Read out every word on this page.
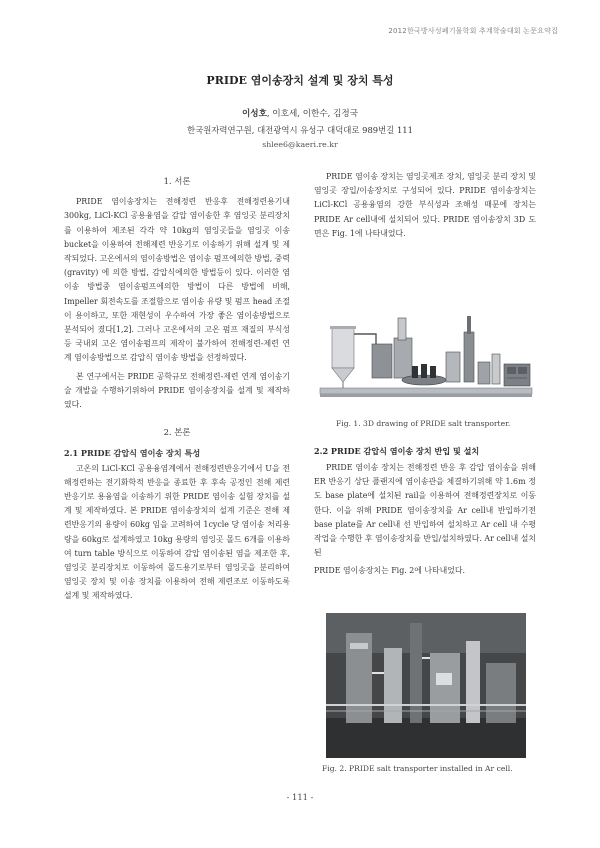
2012한국방사성폐기물학회 추계학술대회 논문요약집
PRIDE 염이송장치 설계 및 장치 특성
이성호, 이호세, 이한수, 김정국
한국원자력연구원, 대전광역시 유성구 대덕대로 989번길 111
shlee6@kaeri.re.kr
1. 서론

PRIDE 염이송장치는 전해정련 반응후 전해정련용기내 300kg, LiCl-KCl 공용융염을 감압 염이송한 후 염잉곳 분리장치를 이용하여 제조된 각각 약 10kg의 염잉곳들을 염잉곳 이송 bucket을 이용하여 전해제련 반응기로 이송하기 위해 설계 및 제작되었다. 고온에서의 염이송방법은 염이송 펌프에의한 방법, 중력(gravity) 에 의한 방법, 감압식에의한 방법등이 있다. 이러한 염이송 방법중 염이송펌프에의한 방법이 다른 방법에 비해, Impeller 회전속도를 조절함으로 염이송 유량 및 펌프 head 조절이 용이하고, 또한 재현성이 우수하여 가장 좋은 염이송방법으로 분석되어 졌다[1,2]. 그러나 고온에서의 고온 펌프 재질의 부식성등 국내외 고온 염이송펌프의 제작이 불가하여 전해정련-제련 연계 염이송방법으로 감압식 염이송 방법을 선정하였다.

본 연구에서는 PRIDE 공학규모 전해정련-제련 연계 염이송기술 개발을 수행하기위하여 PRIDE 염이송장치를 설계 및 제작하였다.

2. 본론
2.1 PRIDE 감압식 염이송 장치 특성

고온의 LiCl-KCl 공용융염계에서 전해정련반응기에서 U을 전해정련하는 전기화학적 반응을 종료한 후 후속 공정인 전해 제련 반응기로 용융염을 이송하기 위한 PRIDE 염이송 실험 장치를 설계 및 제작하였다. 본 PRIDE 염이송장치의 설계 기준은 전해 제련반응기의 용량이 60kg 임을 고려하여 1cycle 당 염이송 처리용량을 60kg로 설계하였고 10kg 용량의 염잉곳 몰드 6개를 이용하여 turn table 방식으로 이동하여 감압 염이송된 염을 제조한 후, 염잉곳 분리장치로 이동하여 몰드용기로부터 염잉곳을 분리하여 염잉곳 장치 및 이송 장치를 이용하여 전해 제련조로 이동하도록 설계 및 제작하였다.

PRIDE 염이송 장치는 염잉곳제조 장치, 염잉곳 분리 장치 및 염잉곳 장입/이송장치로 구성되어 있다. PRIDE 염이송장치는 LiCl-KCl 공용융염의 강한 부식성과 조해성 때문에 장치는 PRIDE Ar cell내에 설치되어 있다. PRIDE 염이송장치 3D 도면은 Fig. 1에 나타내었다.

Fig. 1. 3D drawing of PRIDE salt transporter.
2.2 PRIDE 감압식 염이송 장치 반입 및 설치

PRIDE 염이송 장치는 전해정련 반응 후 감압 염이송을 위해 ER 반응기 상단 플랜지에 염이송관을 체결하기위해 약 1.6m 정도 base plate에 설치된 rail을 이용하여 전해정련장치로 이동한다. 이을 위해 PRIDE 염이송장치를 Ar cell내 반입하기전 base plate를 Ar cell내 선 반입하여 설치하고 Ar cell 내 수평작업을 수행한 후 염이송장치를 반입/설치하였다. Ar cell내 설치된

PRIDE 염이송장치는 Fig. 2에 나타내었다.

Fig. 2. PRIDE salt transporter installed in Ar cell.
- 111 -
